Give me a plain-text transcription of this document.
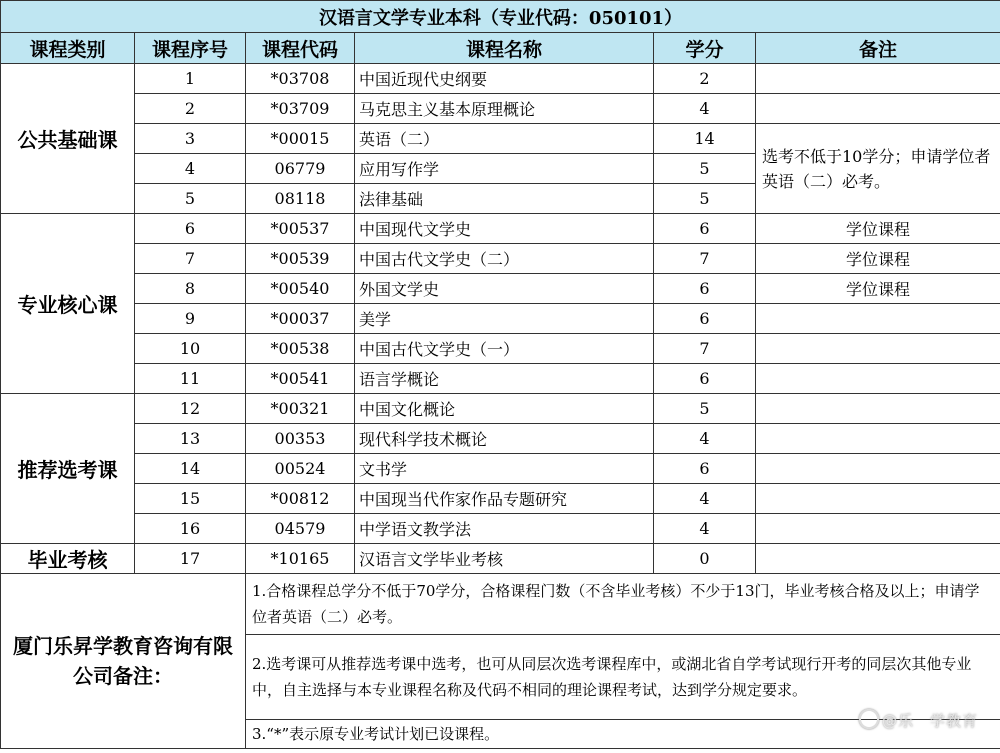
汉语言文学专业本科（专业代码：050101）					
课程类别	课程序号	课程代码	课程名称	学分	备注
公共基础课	1	*03708	中国近现代史纲要	2	
	2	*03709	马克思主义基本原理概论	4	
	3	*00015	英语（二）	14	选考不低于10学分；申请学位者英语（二）必考。
	4	06779	应用写作学	5	
	5	08118	法律基础	5	
专业核心课	6	*00537	中国现代文学史	6	学位课程
	7	*00539	中国古代文学史（二）	7	学位课程
	8	*00540	外国文学史	6	学位课程
	9	*00037	美学	6	
	10	*00538	中国古代文学史（一）	7	
	11	*00541	语言学概论	6	
推荐选考课	12	*00321	中国文化概论	5	
	13	00353	现代科学技术概论	4	
	14	00524	文书学	6	
	15	*00812	中国现当代作家作品专题研究	4	
	16	04579	中学语文教学法	4	
毕业考核	17	*10165	汉语言文学毕业考核	0	
厦门乐昇学教育咨询有限公司备注：		1.合格课程总学分不低于70学分，合格课程门数（不含毕业考核）不少于13门，毕业考核合格及以上；申请学位者英语（二）必考。			
		2.选考课可从推荐选考课中选考，也可从同层次选考课程库中，或湖北省自学考试现行开考的同层次其他专业中，自主选择与本专业课程名称及代码不相同的理论课程考试，达到学分规定要求。			
		3.“*”表示原专业考试计划已设课程。			
@乐　学教育
